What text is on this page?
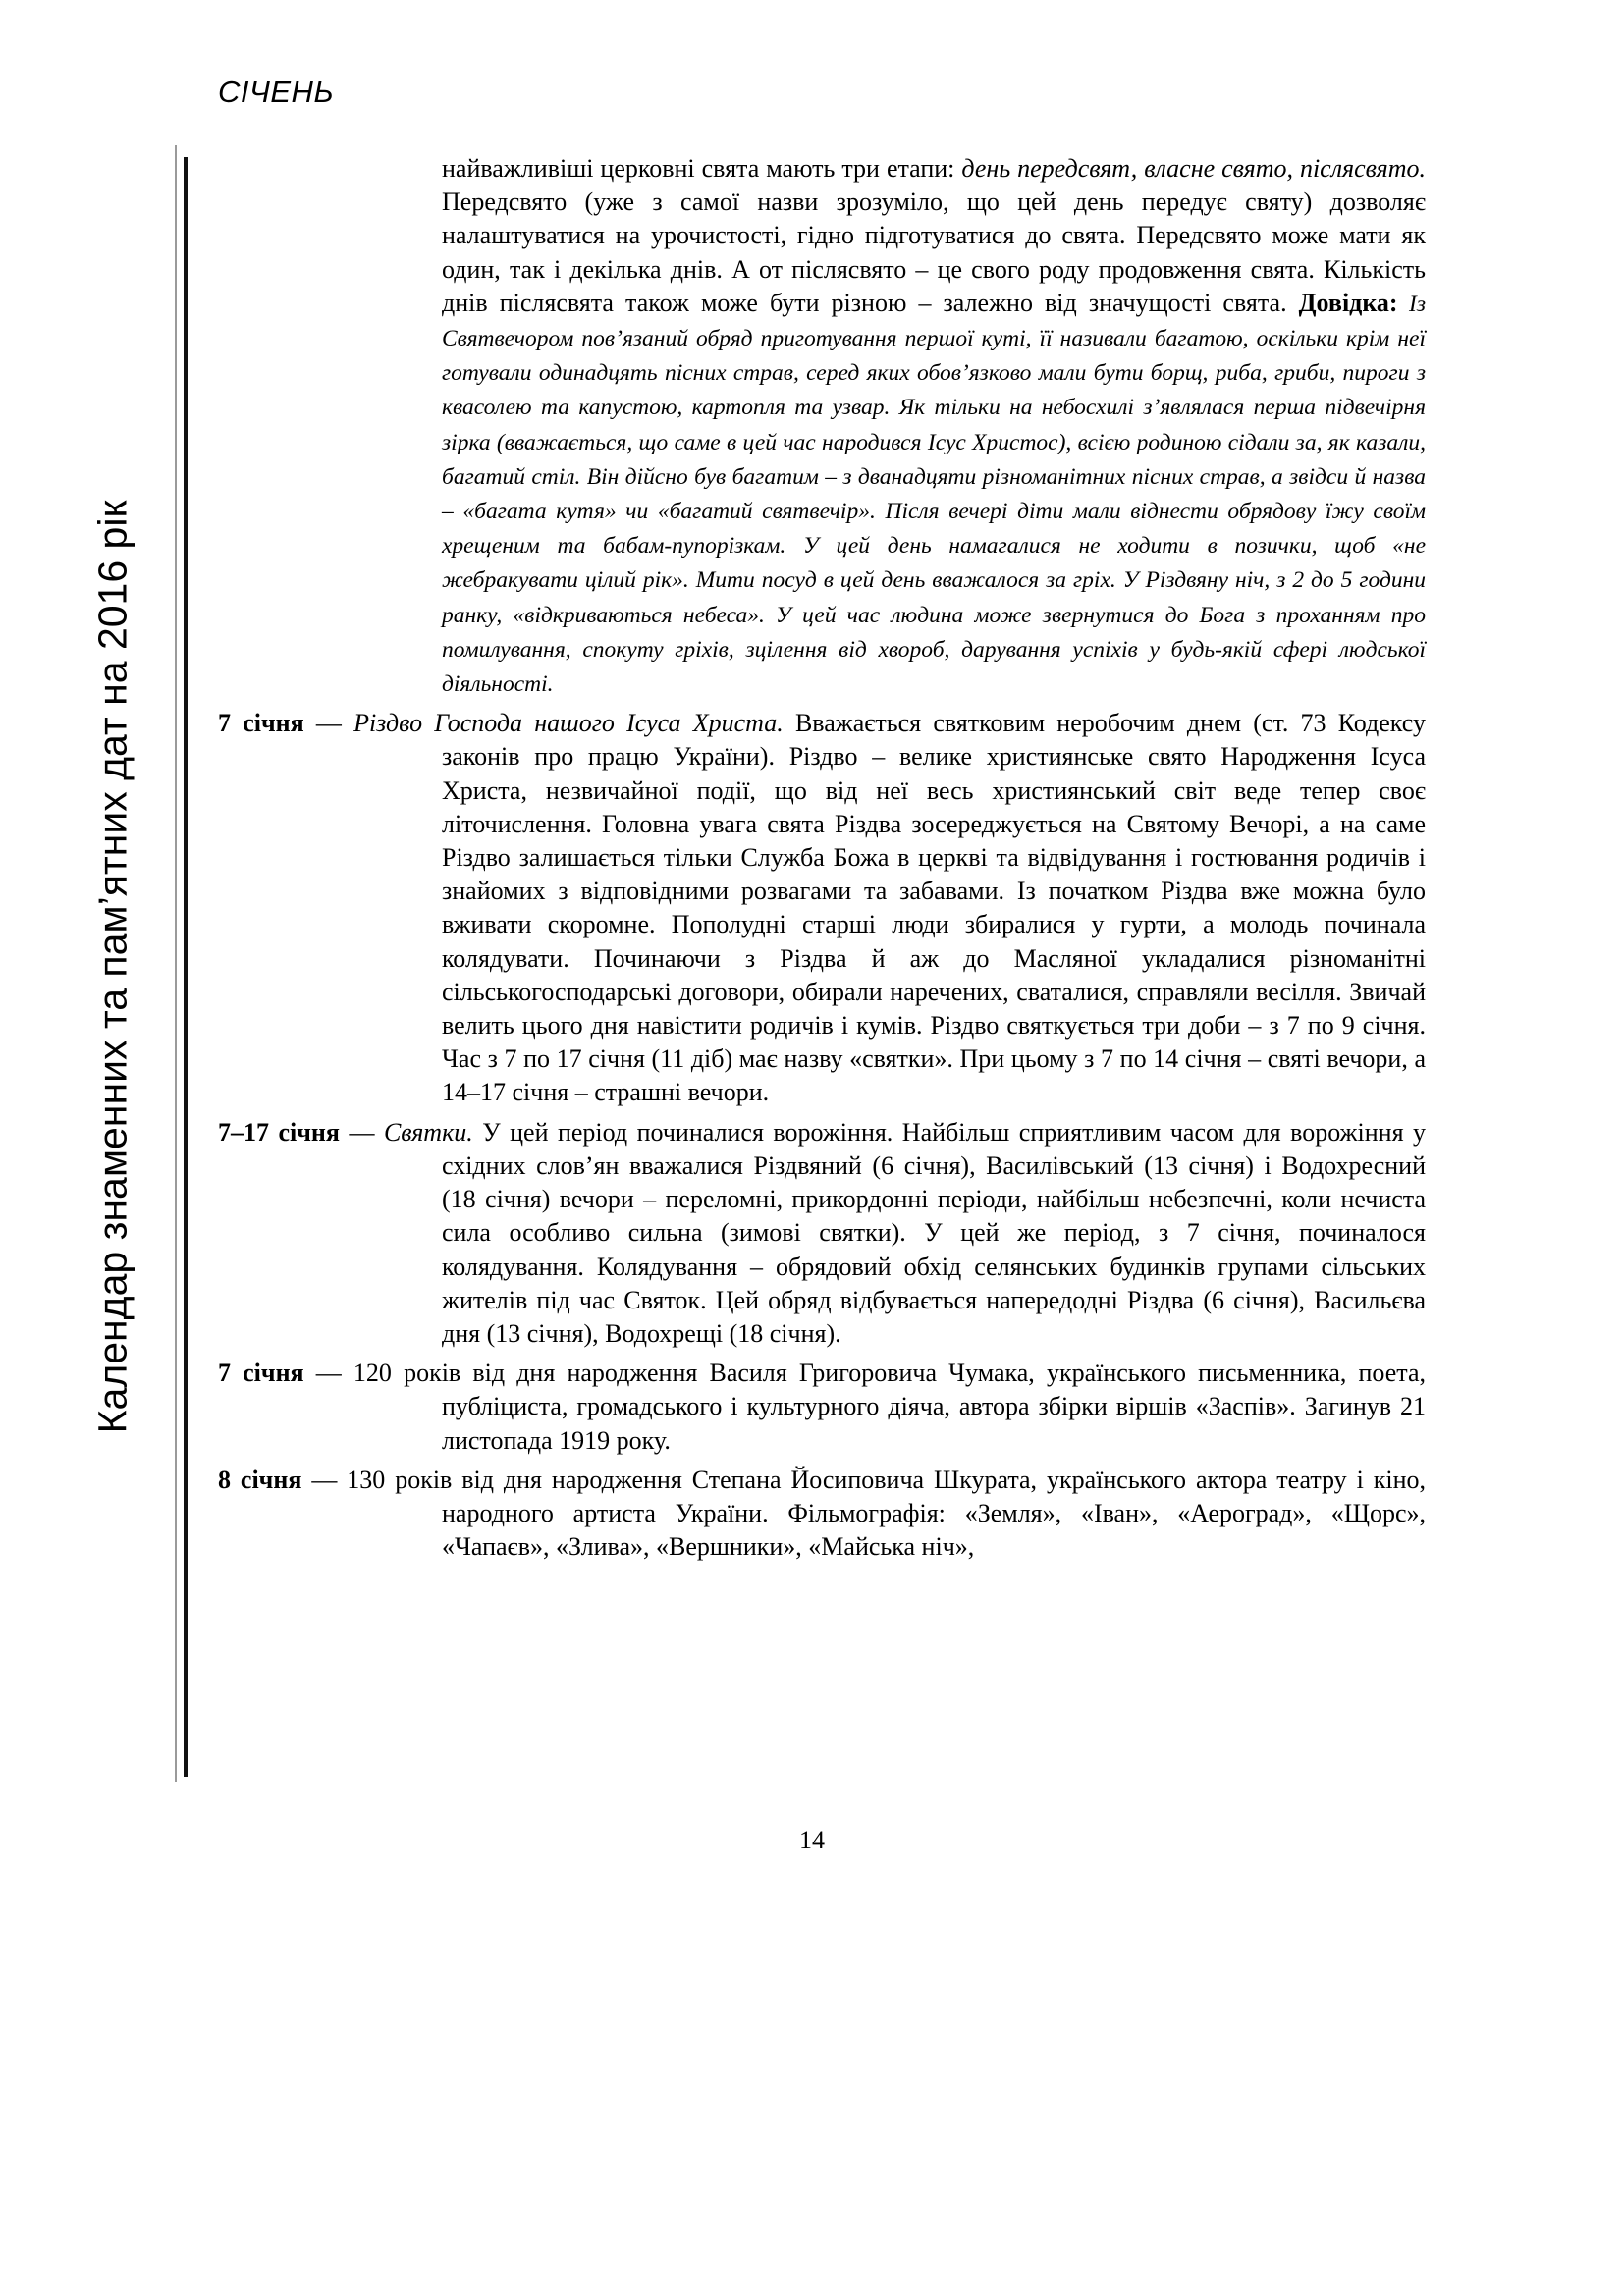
СІЧЕНЬ
Календар знаменних та пам’ятних дат на 2016 рік

найважливіші церковні свята мають три етапи: день передсвят, власне свято, післясвято. Передсвято (уже з самої назви зрозуміло, що цей день передує святу) дозволяє налаштуватися на урочистості, гідно підготуватися до свята. Передсвято може мати як один, так і декілька днів. А от післясвято – це свого роду продовження свята. Кількість днів післясвята також може бути різною – залежно від значущості свята. Довідка: Із Святвечором пов’язаний обряд приготування першої куті, її називали багатою, оскільки крім неї готували одинадцять пісних страв, серед яких обов’язково мали бути борщ, риба, гриби, пироги з квасолею та капустою, картопля та узвар. Як тільки на небосхилі з’являлася перша підвечірня зірка (вважається, що саме в цей час народився Ісус Христос), всією родиною сідали за, як казали, багатий стіл. Він дійсно був багатим – з дванадцяти різноманітних пісних страв, а звідси й назва – «багата кутя» чи «багатий святвечір». Після вечері діти мали віднести обрядову їжу своїм хрещеним та бабам-пупорізкам. У цей день намагалися не ходити в позички, щоб «не жебракувати цілий рік». Мити посуд в цей день вважалося за гріх. У Різдвяну ніч, з 2 до 5 години ранку, «відкриваються небеса». У цей час людина може звернутися до Бога з проханням про помилування, спокуту гріхів, зцілення від хвороб, дарування успіхів у будь-якій сфері людської діяльності.

7 січня — Різдво Господа нашого Ісуса Христа. Вважається святковим неробочим днем (ст. 73 Кодексу законів про працю України). Різдво – велике християнське свято Народження Ісуса Христа, незвичайної події, що від неї весь християнський світ веде тепер своє літочислення. Головна увага свята Різдва зосереджується на Святому Вечорі, а на саме Різдво залишається тільки Служба Божа в церкві та відвідування і гостювання родичів і знайомих з відповідними розвагами та забавами. Із початком Різдва вже можна було вживати скоромне. Пополудні старші люди збиралися у гурти, а молодь починала колядувати. Починаючи з Різдва й аж до Масляної укладалися різноманітні сільськогосподарські договори, обирали наречених, сваталися, справляли весілля. Звичай велить цього дня навістити родичів і кумів. Різдво святкується три доби – з 7 по 9 січня. Час з 7 по 17 січня (11 діб) має назву «святки». При цьому з 7 по 14 січня – святі вечори, а 14–17 січня – страшні вечори.

7–17 січня — Святки. У цей період починалися ворожіння. Найбільш сприятливим часом для ворожіння у східних слов’ян вважалися Різдвяний (6 січня), Василівський (13 січня) і Водохресний (18 січня) вечори – переломні, прикордонні періоди, найбільш небезпечні, коли нечиста сила особливо сильна (зимові святки). У цей же період, з 7 січня, починалося колядування. Колядування – обрядовий обхід селянських будинків групами сільських жителів під час Святок. Цей обряд відбувається напередодні Різдва (6 січня), Васильєва дня (13 січня), Водохрещі (18 січня).

7 січня — 120 років від дня народження Василя Григоровича Чумака, українського письменника, поета, публіциста, громадського і культурного діяча, автора збірки віршів «Заспів». Загинув 21 листопада 1919 року.

8 січня — 130 років від дня народження Степана Йосиповича Шкурата, українського актора театру і кіно, народного артиста України. Фільмографія: «Земля», «Іван», «Аероград», «Щорс», «Чапаєв», «Злива», «Вершники», «Майська ніч»,

14
